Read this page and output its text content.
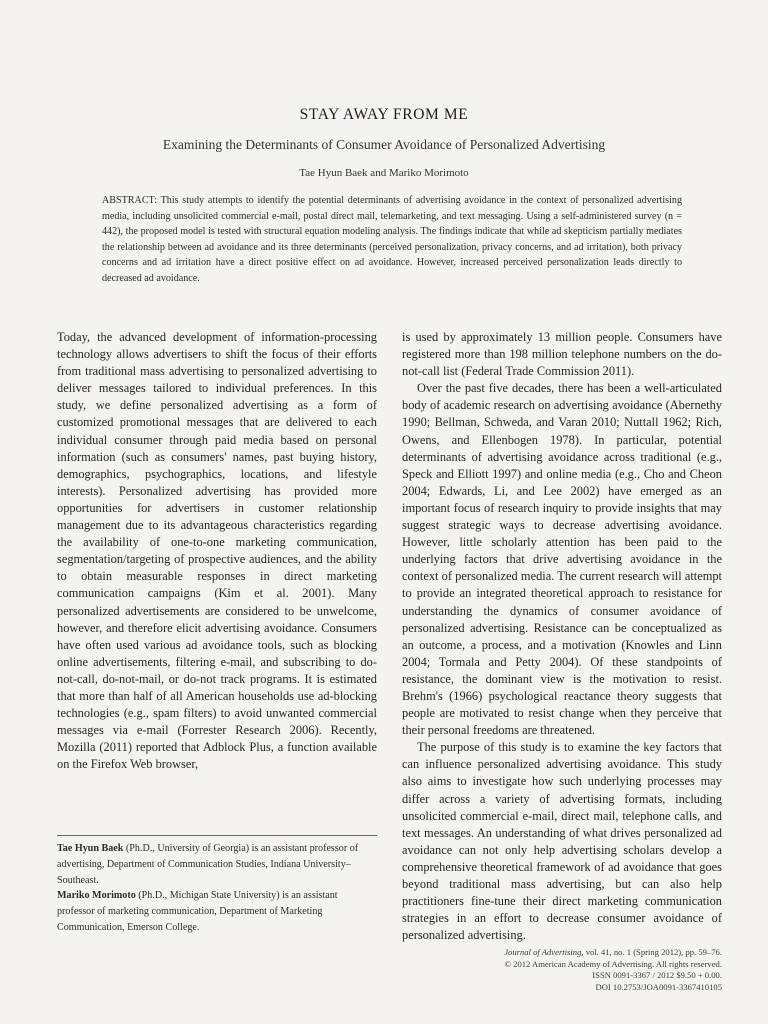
STAY AWAY FROM ME
Examining the Determinants of Consumer Avoidance of Personalized Advertising
Tae Hyun Baek and Mariko Morimoto
ABSTRACT: This study attempts to identify the potential determinants of advertising avoidance in the context of personalized advertising media, including unsolicited commercial e-mail, postal direct mail, telemarketing, and text messaging. Using a self-administered survey (n = 442), the proposed model is tested with structural equation modeling analysis. The findings indicate that while ad skepticism partially mediates the relationship between ad avoidance and its three determinants (perceived personalization, privacy concerns, and ad irritation), both privacy concerns and ad irritation have a direct positive effect on ad avoidance. However, increased perceived personalization leads directly to decreased ad avoidance.

Today, the advanced development of information-processing technology allows advertisers to shift the focus of their efforts from traditional mass advertising to personalized advertising to deliver messages tailored to individual preferences. In this study, we define personalized advertising as a form of customized promotional messages that are delivered to each individual consumer through paid media based on personal information (such as consumers' names, past buying history, demographics, psychographics, locations, and lifestyle interests). Personalized advertising has provided more opportunities for advertisers in customer relationship management due to its advantageous characteristics regarding the availability of one-to-one marketing communication, segmentation/targeting of prospective audiences, and the ability to obtain measurable responses in direct marketing communication campaigns (Kim et al. 2001). Many personalized advertisements are considered to be unwelcome, however, and therefore elicit advertising avoidance. Consumers have often used various ad avoidance tools, such as blocking online advertisements, filtering e-mail, and subscribing to do-not-call, do-not-mail, or do-not track programs. It is estimated that more than half of all American households use ad-blocking technologies (e.g., spam filters) to avoid unwanted commercial messages via e-mail (Forrester Research 2006). Recently, Mozilla (2011) reported that Adblock Plus, a function available on the Firefox Web browser,

is used by approximately 13 million people. Consumers have registered more than 198 million telephone numbers on the do-not-call list (Federal Trade Commission 2011).

Over the past five decades, there has been a well-articulated body of academic research on advertising avoidance (Abernethy 1990; Bellman, Schweda, and Varan 2010; Nuttall 1962; Rich, Owens, and Ellenbogen 1978). In particular, potential determinants of advertising avoidance across traditional (e.g., Speck and Elliott 1997) and online media (e.g., Cho and Cheon 2004; Edwards, Li, and Lee 2002) have emerged as an important focus of research inquiry to provide insights that may suggest strategic ways to decrease advertising avoidance. However, little scholarly attention has been paid to the underlying factors that drive advertising avoidance in the context of personalized media. The current research will attempt to provide an integrated theoretical approach to resistance for understanding the dynamics of consumer avoidance of personalized advertising. Resistance can be conceptualized as an outcome, a process, and a motivation (Knowles and Linn 2004; Tormala and Petty 2004). Of these standpoints of resistance, the dominant view is the motivation to resist. Brehm's (1966) psychological reactance theory suggests that people are motivated to resist change when they perceive that their personal freedoms are threatened.

The purpose of this study is to examine the key factors that can influence personalized advertising avoidance. This study also aims to investigate how such underlying processes may differ across a variety of advertising formats, including unsolicited commercial e-mail, direct mail, telephone calls, and text messages. An understanding of what drives personalized ad avoidance can not only help advertising scholars develop a comprehensive theoretical framework of ad avoidance that goes beyond traditional mass advertising, but can also help practitioners fine-tune their direct marketing communication strategies in an effort to decrease consumer avoidance of personalized advertising.

Tae Hyun Baek (Ph.D., University of Georgia) is an assistant professor of advertising, Department of Communication Studies, Indiana University–Southeast.
Mariko Morimoto (Ph.D., Michigan State University) is an assistant professor of marketing communication, Department of Marketing Communication, Emerson College.
Journal of Advertising, vol. 41, no. 1 (Spring 2012), pp. 59–76.
© 2012 American Academy of Advertising. All rights reserved.
ISSN 0091-3367 / 2012 $9.50 + 0.00.
DOI 10.2753/JOA0091-3367410105
